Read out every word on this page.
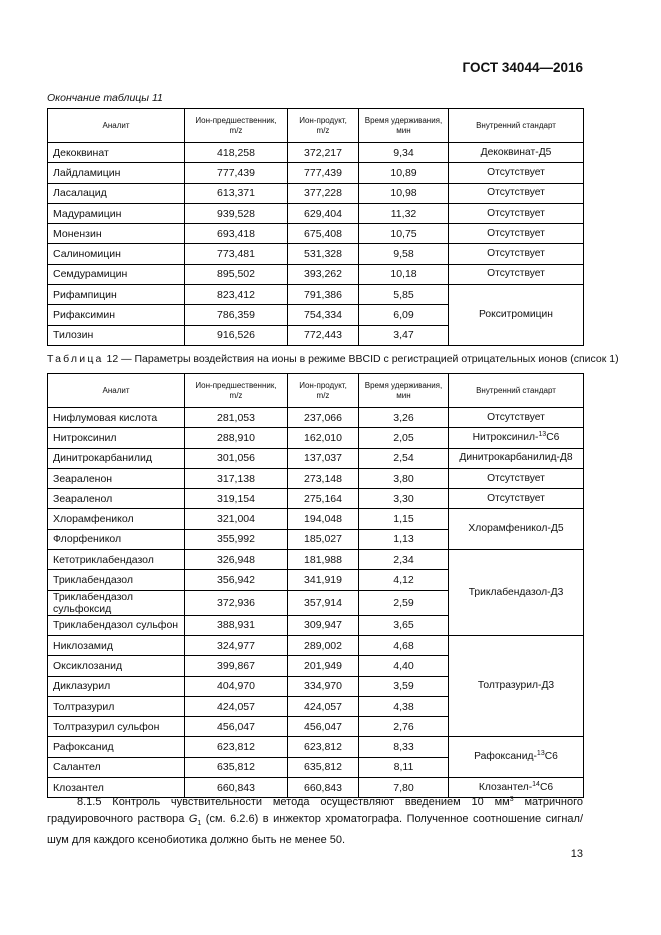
ГОСТ 34044—2016
Окончание таблицы 11
Аналит	Ион-предшественник, m/z	Ион-продукт, m/z	Время удерживания, мин	Внутренний стандарт
Декоквинат	418,258	372,217	9,34	Декоквинат-Д5
Лайдламицин	777,439	777,439	10,89	Отсутствует
Ласалацид	613,371	377,228	10,98	Отсутствует
Мадурамицин	939,528	629,404	11,32	Отсутствует
Монензин	693,418	675,408	10,75	Отсутствует
Салиномицин	773,481	531,328	9,58	Отсутствует
Семдурамицин	895,502	393,262	10,18	Отсутствует
Рифампицин	823,412	791,386	5,85	Рокситромицин
Рифаксимин	786,359	754,334	6,09	
Тилозин	916,526	772,443	3,47	
Таблица 12 — Параметры воздействия на ионы в режиме BBCID с регистрацией отрицательных ионов (список 1)
Аналит	Ион-предшественник, m/z	Ион-продукт, m/z	Время удерживания, мин	Внутренний стандарт
Нифлумовая кислота	281,053	237,066	3,26	Отсутствует
Нитроксинил	288,910	162,010	2,05	Нитроксинил-$^{13}$C6
Динитрокарбанилид	301,056	137,037	2,54	Динитрокарбанилид-Д8
Зеараленон	317,138	273,148	3,80	Отсутствует
Зеараленол	319,154	275,164	3,30	Отсутствует
Хлорамфеникол	321,004	194,048	1,15	Хлорамфеникол-Д5
Флорфеникол	355,992	185,027	1,13	
Кетотриклабендазол	326,948	181,988	2,34	Триклабендазол-Д3
Триклабендазол	356,942	341,919	4,12	
Триклабендазол сульфоксид	372,936	357,914	2,59	
Триклабендазол сульфон	388,931	309,947	3,65	
Никлозамид	324,977	289,002	4,68	Толтразурил-Д3
Оксиклозанид	399,867	201,949	4,40	
Диклазурил	404,970	334,970	3,59	
Толтразурил	424,057	424,057	4,38	
Толтразурил сульфон	456,047	456,047	2,76	
Рафоксанид	623,812	623,812	8,33	Рафоксанид-$^{13}$C6
Салантел	635,812	635,812	8,11	
Клозантел	660,843	660,843	7,80	Клозантел-$^{14}$C6

8.1.5 Контроль чувствительности метода осуществляют введением 10 $мм^3$ матричного градуировочного раствора $G_1$ (см. 6.2.6) в инжектор хроматографа. Полученное соотношение сигнал/шум для каждого ксенобиотика должно быть не менее 50.

13
